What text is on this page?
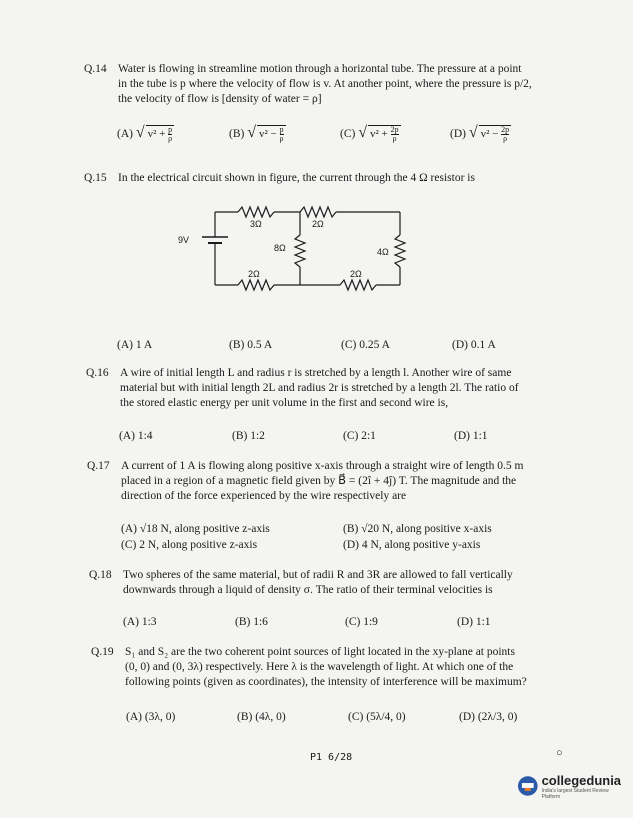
Q.14 Water is flowing in streamline motion through a horizontal tube. The pressure at a point
in the tube is p where the velocity of flow is v. At another point, where the pressure is p/2,
the velocity of flow is [density of water = ρ]
(A) √ $v^2 + \frac{p}{\rho}$	(B) √ $v^2 - \frac{p}{\rho}$	(C) √ $v^2 + \frac{2p}{\rho}$	(D) √ $v^2 - \frac{2p}{\rho}$
Q.15 In the electrical circuit shown in figure, the current through the 4 Ω resistor is
9V
3Ω	2Ω
8Ω	4Ω
2Ω	2Ω
(A) 1 A	(B) 0.5 A	(C) 0.25 A	(D) 0.1 A
Q.16 A wire of initial length L and radius r is stretched by a length l. Another wire of same
material but with initial length 2L and radius 2r is stretched by a length 2l. The ratio of
the stored elastic energy per unit volume in the first and second wire is,
(A) 1:4	(B) 1:2	(C) 2:1	(D) 1:1
Q.17 A current of 1 A is flowing along positive x-axis through a straight wire of length 0.5 m
placed in a region of a magnetic field given by B⃗ = (2î + 4ĵ) T. The magnitude and the
direction of the force experienced by the wire respectively are
(A) √18 N, along positive z-axis	(B) √20 N, along positive x-axis
(C) 2 N, along positive z-axis	(D) 4 N, along positive y-axis
Q.18 Two spheres of the same material, but of radii R and 3R are allowed to fall vertically
downwards through a liquid of density σ. The ratio of their terminal velocities is
(A) 1:3	(B) 1:6	(C) 1:9	(D) 1:1
Q.19 S₁ and S₂ are the two coherent point sources of light located in the xy-plane at points
(0, 0) and (0, 3λ) respectively. Here λ is the wavelength of light. At which one of the
following points (given as coordinates), the intensity of interference will be maximum?
(A) (3λ, 0)	(B) (4λ, 0)	(C) (5λ/4, 0)	(D) (2λ/3, 0)
P1 6/28	○
collegedunia
India's largest Student Review Platform
